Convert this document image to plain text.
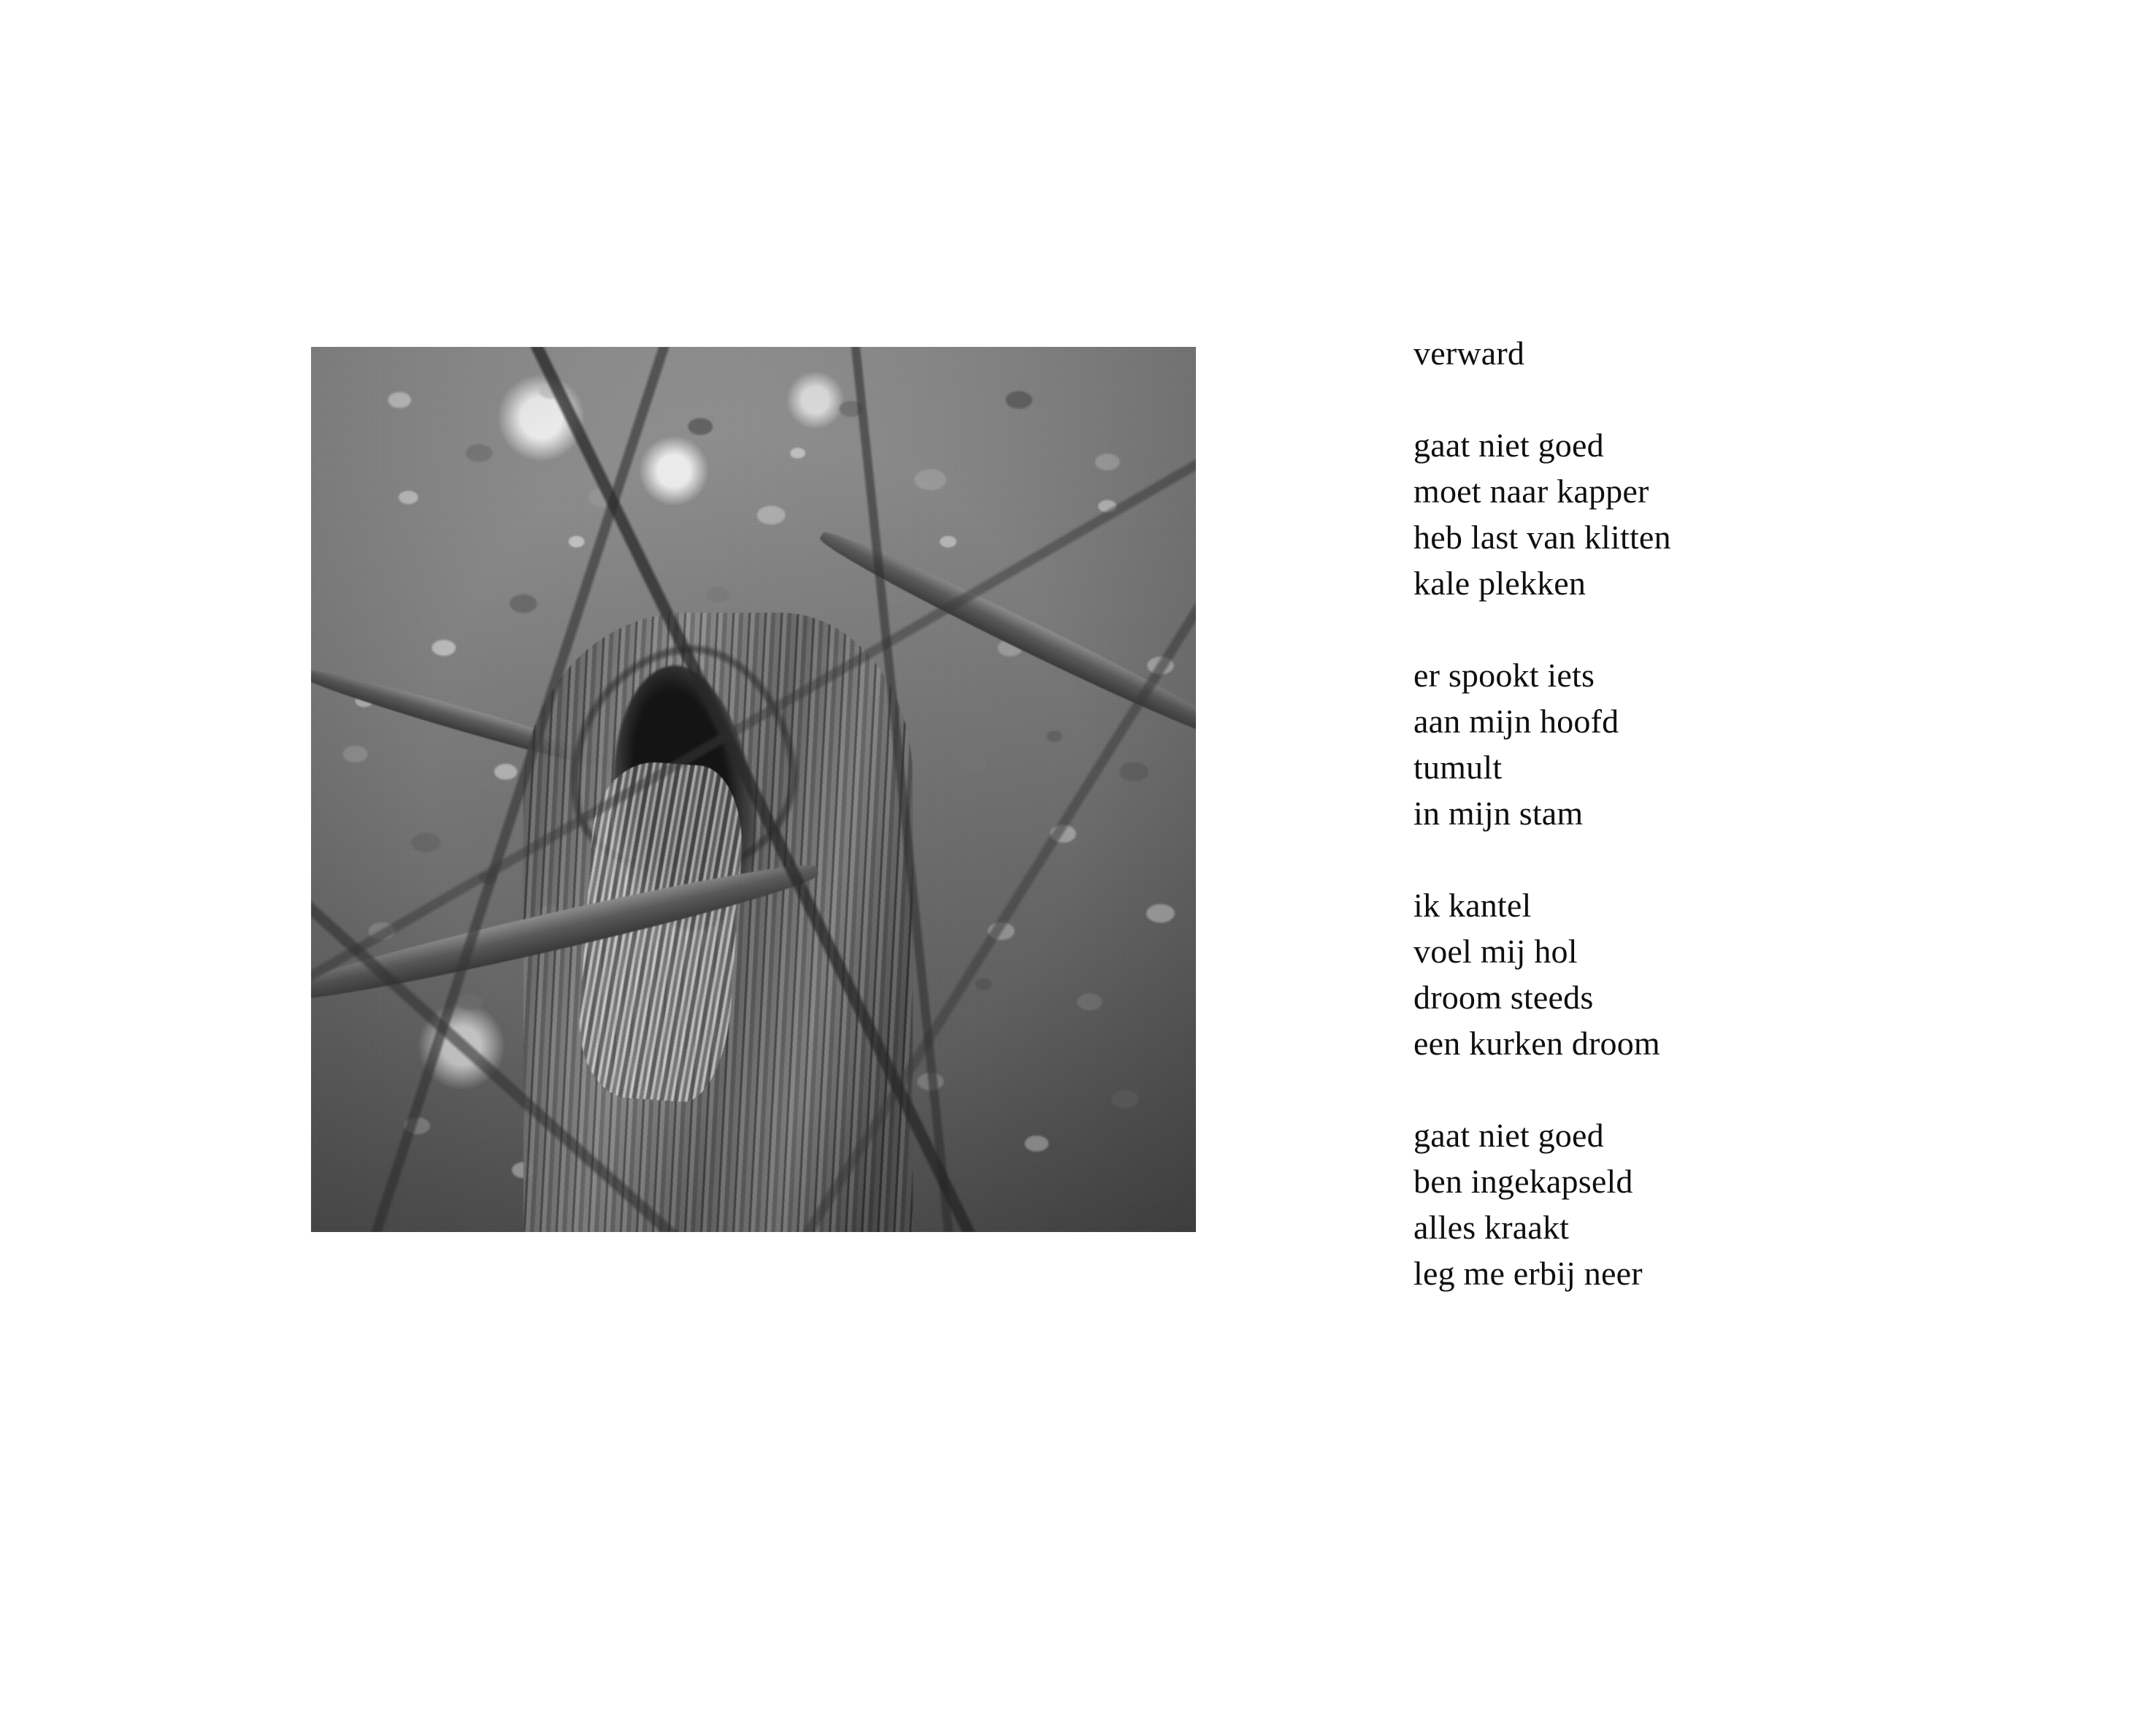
verward
gaat niet goed
moet naar kapper
heb last van klitten
kale plekken
er spookt iets
aan mijn hoofd
tumult
in mijn stam
ik kantel
voel mij hol
droom steeds
een kurken droom
gaat niet goed
ben ingekapseld
alles kraakt
leg me erbij neer
